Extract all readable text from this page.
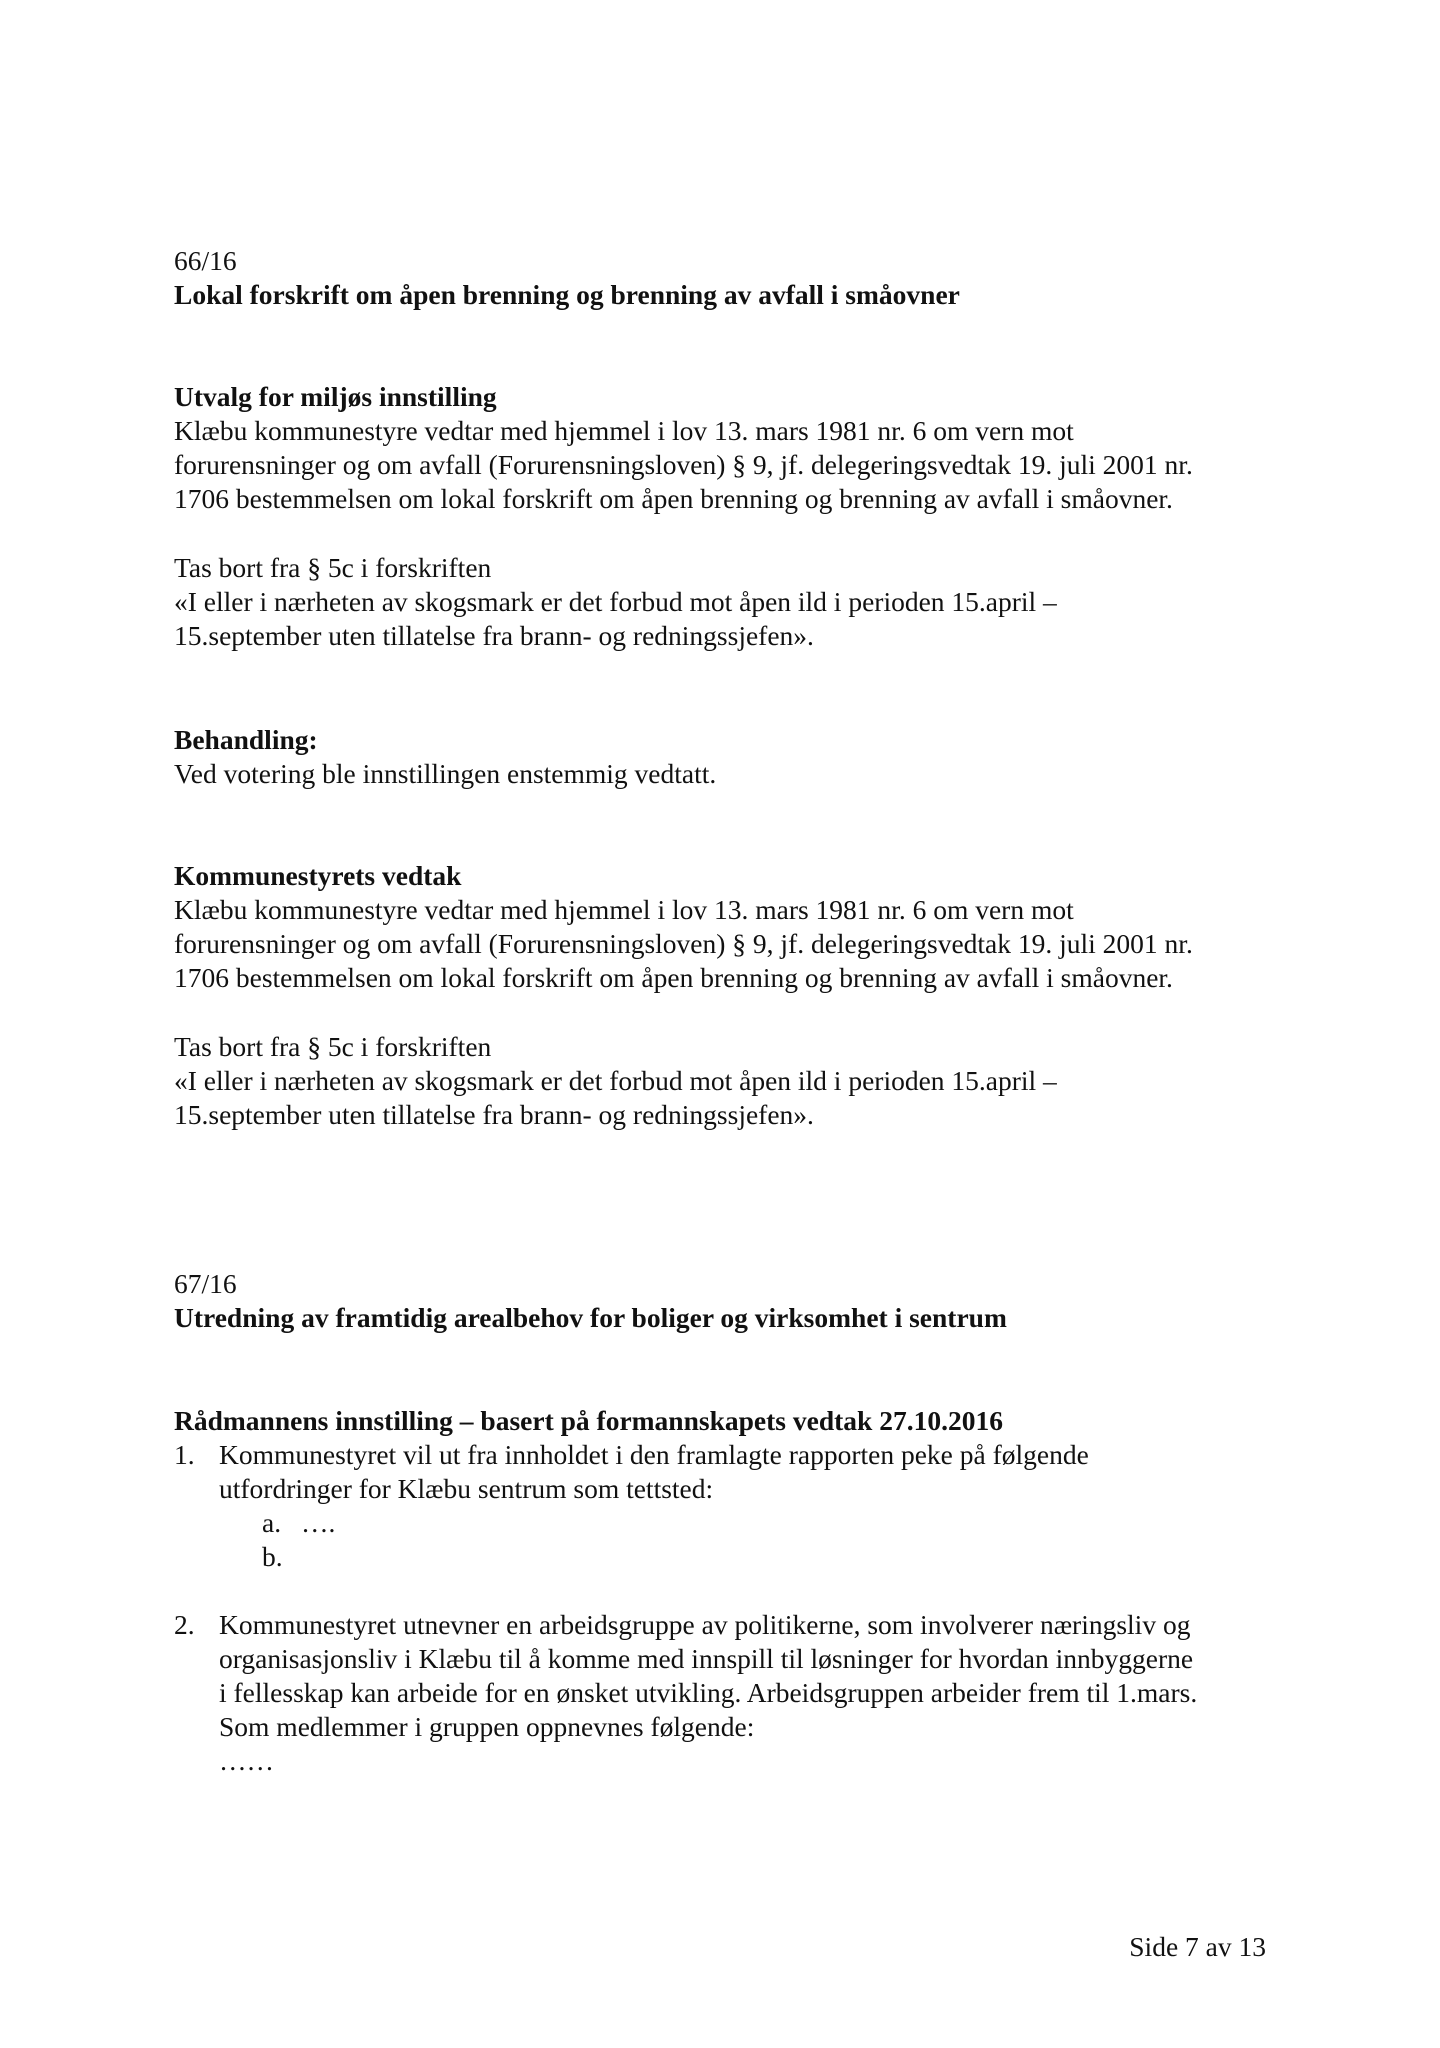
66/16
Lokal forskrift om åpen brenning og brenning av avfall i småovner
Utvalg for miljøs innstilling
Klæbu kommunestyre vedtar med hjemmel i lov 13. mars 1981 nr. 6 om vern mot
forurensninger og om avfall (Forurensningsloven) § 9, jf. delegeringsvedtak 19. juli 2001 nr.
1706 bestemmelsen om lokal forskrift om åpen brenning og brenning av avfall i småovner.
Tas bort fra § 5c i forskriften
«I eller i nærheten av skogsmark er det forbud mot åpen ild i perioden 15.april –
15.september uten tillatelse fra brann- og redningssjefen».
Behandling:
Ved votering ble innstillingen enstemmig vedtatt.
Kommunestyrets vedtak
Klæbu kommunestyre vedtar med hjemmel i lov 13. mars 1981 nr. 6 om vern mot
forurensninger og om avfall (Forurensningsloven) § 9, jf. delegeringsvedtak 19. juli 2001 nr.
1706 bestemmelsen om lokal forskrift om åpen brenning og brenning av avfall i småovner.
Tas bort fra § 5c i forskriften
«I eller i nærheten av skogsmark er det forbud mot åpen ild i perioden 15.april –
15.september uten tillatelse fra brann- og redningssjefen».
67/16
Utredning av framtidig arealbehov for boliger og virksomhet i sentrum
Rådmannens innstilling – basert på formannskapets vedtak 27.10.2016
1. Kommunestyret vil ut fra innholdet i den framlagte rapporten peke på følgende
utfordringer for Klæbu sentrum som tettsted:
a. ….
b.
2. Kommunestyret utnevner en arbeidsgruppe av politikerne, som involverer næringsliv og
organisasjonsliv i Klæbu til å komme med innspill til løsninger for hvordan innbyggerne
i fellesskap kan arbeide for en ønsket utvikling. Arbeidsgruppen arbeider frem til 1.mars.
Som medlemmer i gruppen oppnevnes følgende:
……
Side 7 av 13
